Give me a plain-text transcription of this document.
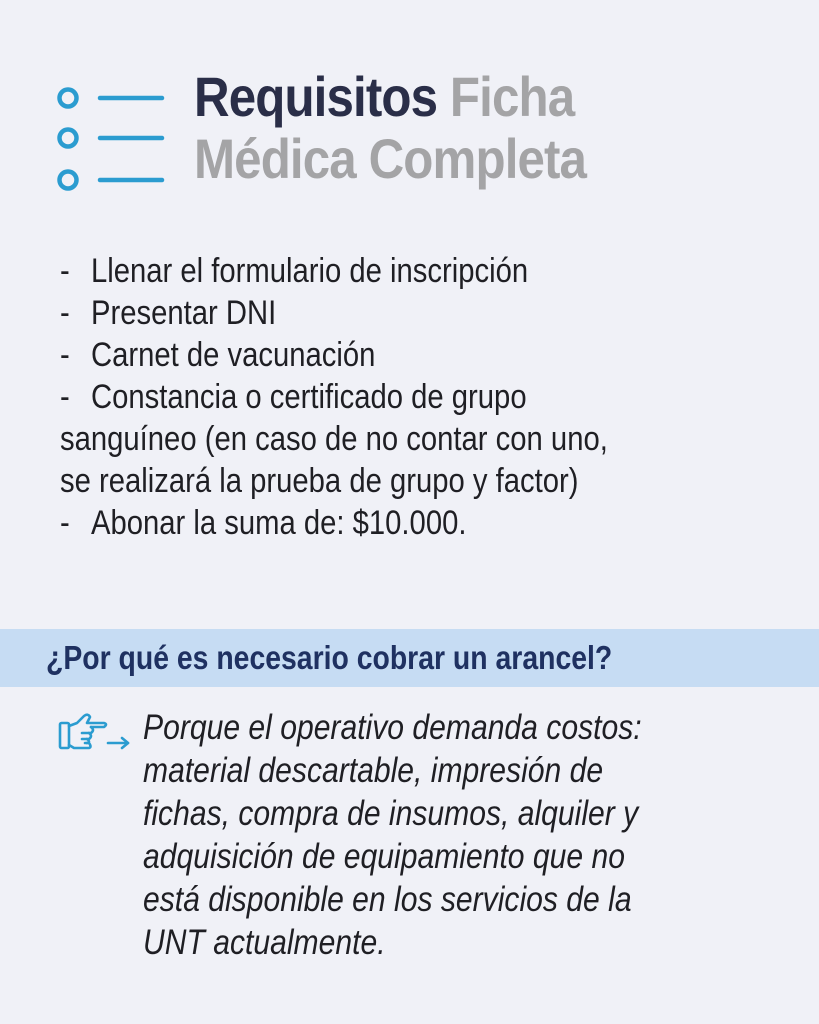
Requisitos Ficha
Médica Completa
- Llenar el formulario de inscripción
- Presentar DNI
- Carnet de vacunación
- Constancia o certificado de grupo
sanguíneo (en caso de no contar con uno,
se realizará la prueba de grupo y factor)
- Abonar la suma de: $10.000.
¿Por qué es necesario cobrar un arancel?
Porque el operativo demanda costos:
material descartable, impresión de
fichas, compra de insumos, alquiler y
adquisición de equipamiento que no
está disponible en los servicios de la
UNT actualmente.
